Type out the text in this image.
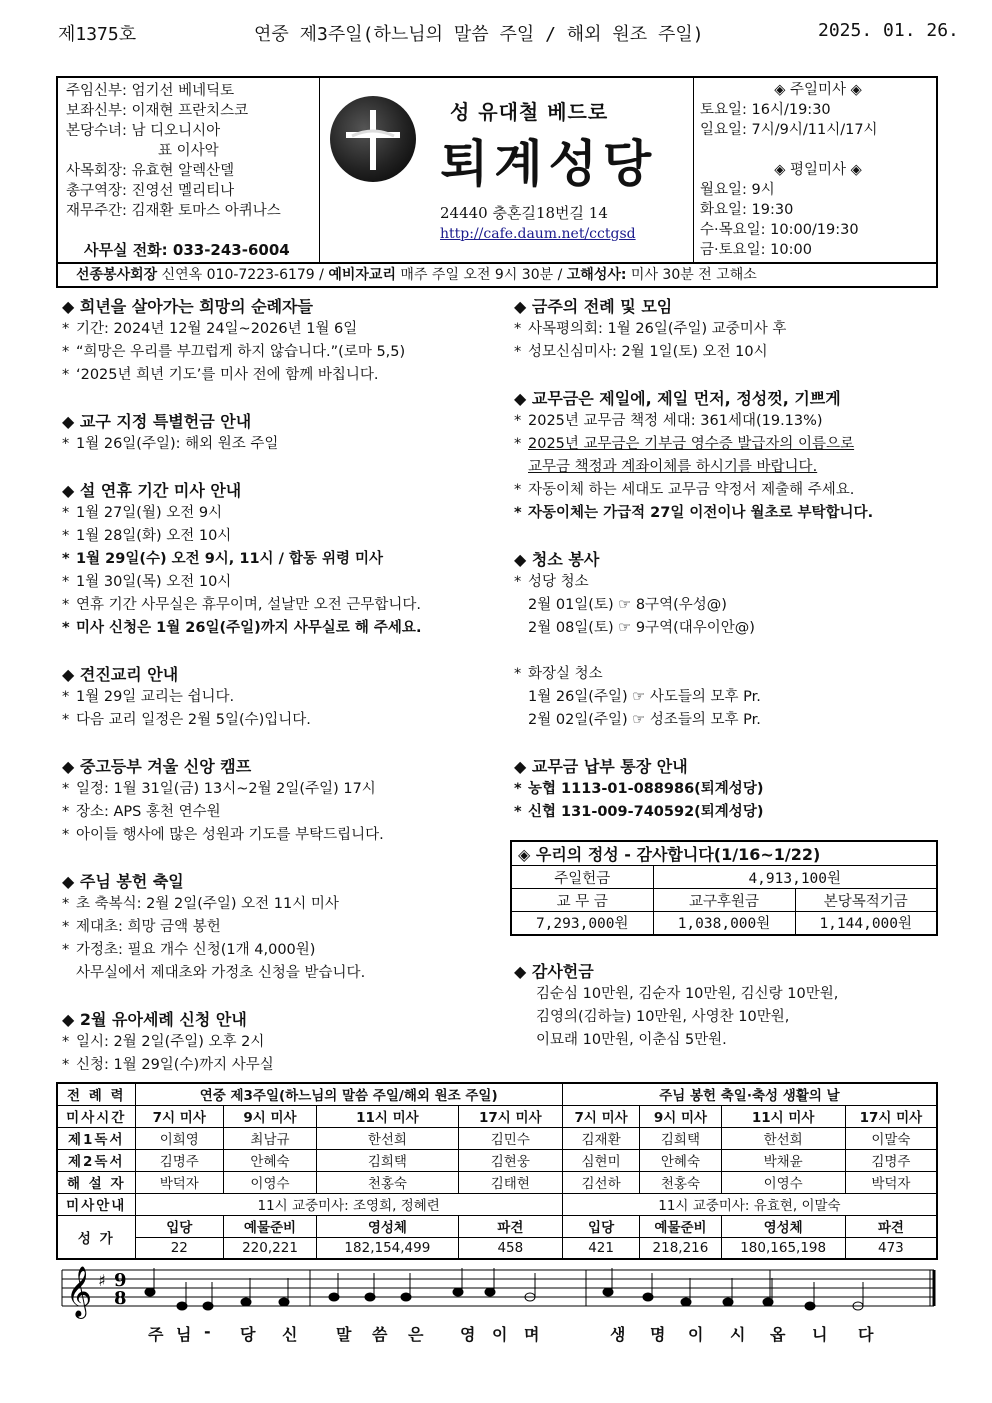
제1375호	연중 제3주일(하느님의 말씀 주일 / 해외 원조 주일)	2025. 01. 26.
주임신부: 엄기선 베네딕토
보좌신부: 이재현 프란치스코
본당수녀: 남 디오니시아
표 이사악
사목회장: 유효현 알렉산델
총구역장: 진영선 멜리티나
재무주간: 김재환 토마스 아퀴나스
사무실 전화: 033-243-6004
성 유대철 베드로
퇴계성당
24440 충혼길18번길 14
http://cafe.daum.net/cctgsd
◈ 주일미사 ◈
토요일: 16시/19:30
일요일: 7시/9시/11시/17시
◈ 평일미사 ◈
월요일: 9시
화요일: 19:30
수·목요일: 10:00/19:30
금·토요일: 10:00
선종봉사회장 신연옥 010-7223-6179 / 예비자교리 매주 주일 오전 9시 30분 / 고해성사: 미사 30분 전 고해소
◆ 희년을 살아가는 희망의 순례자들
* 기간: 2024년 12월 24일~2026년 1월 6일
* “희망은 우리를 부끄럽게 하지 않습니다.”(로마 5,5)
* ‘2025년 희년 기도’를 미사 전에 함께 바칩니다.
◆ 교구 지정 특별헌금 안내
* 1월 26일(주일): 해외 원조 주일
◆ 설 연휴 기간 미사 안내
* 1월 27일(월) 오전 9시
* 1월 28일(화) 오전 10시
* 1월 29일(수) 오전 9시, 11시 / 합동 위령 미사
* 1월 30일(목) 오전 10시
* 연휴 기간 사무실은 휴무이며, 설날만 오전 근무합니다.
* 미사 신청은 1월 26일(주일)까지 사무실로 해 주세요.
◆ 견진교리 안내
* 1월 29일 교리는 쉽니다.
* 다음 교리 일정은 2월 5일(수)입니다.
◆ 중고등부 겨울 신앙 캠프
* 일정: 1월 31일(금) 13시~2월 2일(주일) 17시
* 장소: APS 홍천 연수원
* 아이들 행사에 많은 성원과 기도를 부탁드립니다.
◆ 주님 봉헌 축일
* 초 축복식: 2월 2일(주일) 오전 11시 미사
* 제대초: 희망 금액 봉헌
* 가정초: 필요 개수 신청(1개 4,000원)
사무실에서 제대초와 가정초 신청을 받습니다.
◆ 2월 유아세례 신청 안내
* 일시: 2월 2일(주일) 오후 2시
* 신청: 1월 29일(수)까지 사무실
◆ 금주의 전례 및 모임
* 사목평의회: 1월 26일(주일) 교중미사 후
* 성모신심미사: 2월 1일(토) 오전 10시
◆ 교무금은 제일에, 제일 먼저, 정성껏, 기쁘게
* 2025년 교무금 책정 세대: 361세대(19.13%)
* 2025년 교무금은 기부금 영수증 발급자의 이름으로
교무금 책정과 계좌이체를 하시기를 바랍니다.
* 자동이체 하는 세대도 교무금 약정서 제출해 주세요.
* 자동이체는 가급적 27일 이전이나 월초로 부탁합니다.
◆ 청소 봉사
* 성당 청소
2월 01일(토) ☞ 8구역(우성@)
2월 08일(토) ☞ 9구역(대우이안@)
* 화장실 청소
1월 26일(주일) ☞ 사도들의 모후 Pr.
2월 02일(주일) ☞ 성조들의 모후 Pr.
◆ 교무금 납부 통장 안내
* 농협 1113-01-088986(퇴계성당)
* 신협 131-009-740592(퇴계성당)
◈ 우리의 정성 - 감사합니다(1/16~1/22)		
주일헌금	4,913,100원	
교 무 금	교구후원금	본당목적기금
7,293,000원	1,038,000원	1,144,000원
◆ 감사헌금
김순심 10만원, 김순자 10만원, 김신랑 10만원,
김영의(김하늘) 10만원, 사영찬 10만원,
이묘래 10만원, 이춘심 5만원.
전 례 력	연중 제3주일(하느님의 말씀 주일/해외 원조 주일)				주님 봉헌 축일·축성 생활의 날			
미사시간	7시 미사	9시 미사	11시 미사	17시 미사	7시 미사	9시 미사	11시 미사	17시 미사
제1독서	이희영	최남규	한선희	김민수	김재환	김희택	한선희	이말숙
제2독서	김명주	안혜숙	김희택	김현웅	심현미	안혜숙	박채윤	김명주
해 설 자	박덕자	이영수	천홍숙	김태현	김선하	천홍숙	이영수	박덕자
미사안내	11시 교중미사: 조영희, 정혜련				11시 교중미사: 유효현, 이말숙			
성 가	입당	예물준비	영성체	파견	입당	예물준비	영성체	파견
	22	220,221	182,154,499	458	421	218,216	180,165,198	473
𝄞 ♯ 9
8
주 님 - 당 신 말 씀 은 영 이 며	생 명 이 시 옵 니 다
